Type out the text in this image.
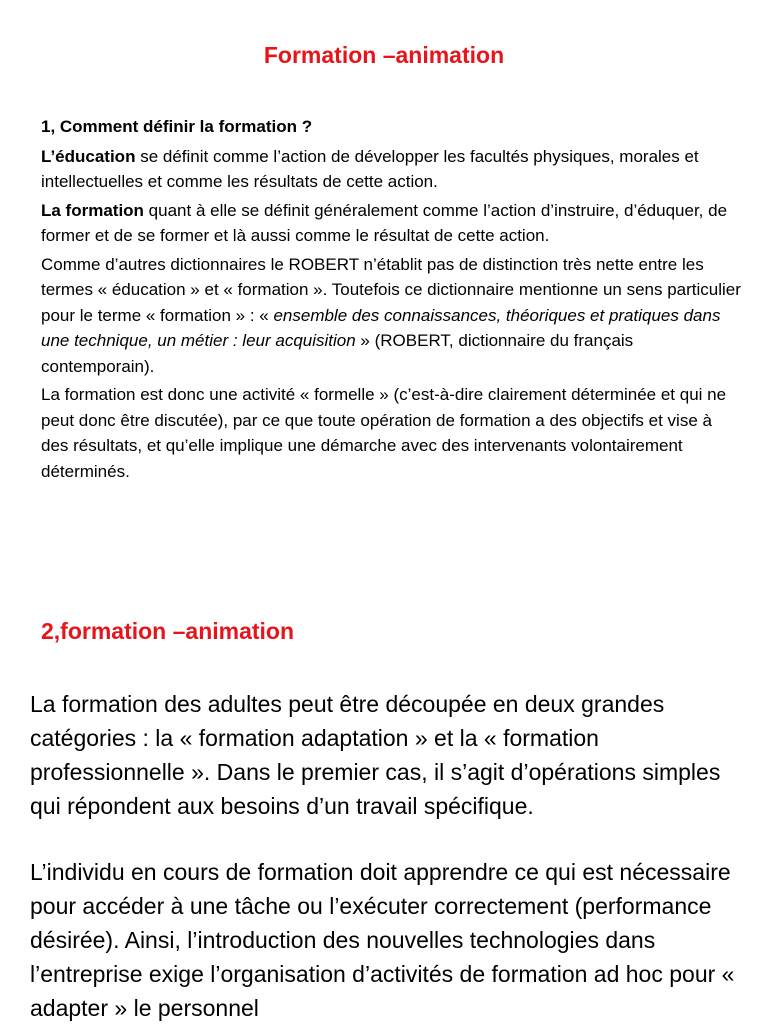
Formation –animation

1, Comment définir la formation ?

L’éducation se définit comme l’action de développer les facultés physiques, morales et intellectuelles et comme les résultats de cette action.

La formation quant à elle se définit généralement comme l’action d’instruire, d’éduquer, de former et de se former et là aussi comme le résultat de cette action.

Comme d’autres dictionnaires le ROBERT n’établit pas de distinction très nette entre les termes « éducation » et « formation ». Toutefois ce dictionnaire mentionne un sens particulier pour le terme « formation » : « ensemble des connaissances, théoriques et pratiques dans une technique, un métier : leur acquisition » (ROBERT, dictionnaire du français contemporain).

La formation est donc une activité « formelle » (c’est-à-dire clairement déterminée et qui ne peut donc être discutée), par ce que toute opération de formation a des objectifs et vise à des résultats, et qu’elle implique une démarche avec des intervenants volontairement déterminés.

2,formation –animation

La formation des adultes peut être découpée en deux grandes catégories : la « formation adaptation » et la « formation professionnelle ». Dans le premier cas, il s’agit d’opérations simples qui répondent aux besoins d’un travail spécifique.

L’individu en cours de formation doit apprendre ce qui est nécessaire pour accéder à une tâche ou l’exécuter correctement (performance désirée). Ainsi, l’introduction des nouvelles technologies dans l’entreprise exige l’organisation d’activités de formation ad hoc pour « adapter » le personnel
